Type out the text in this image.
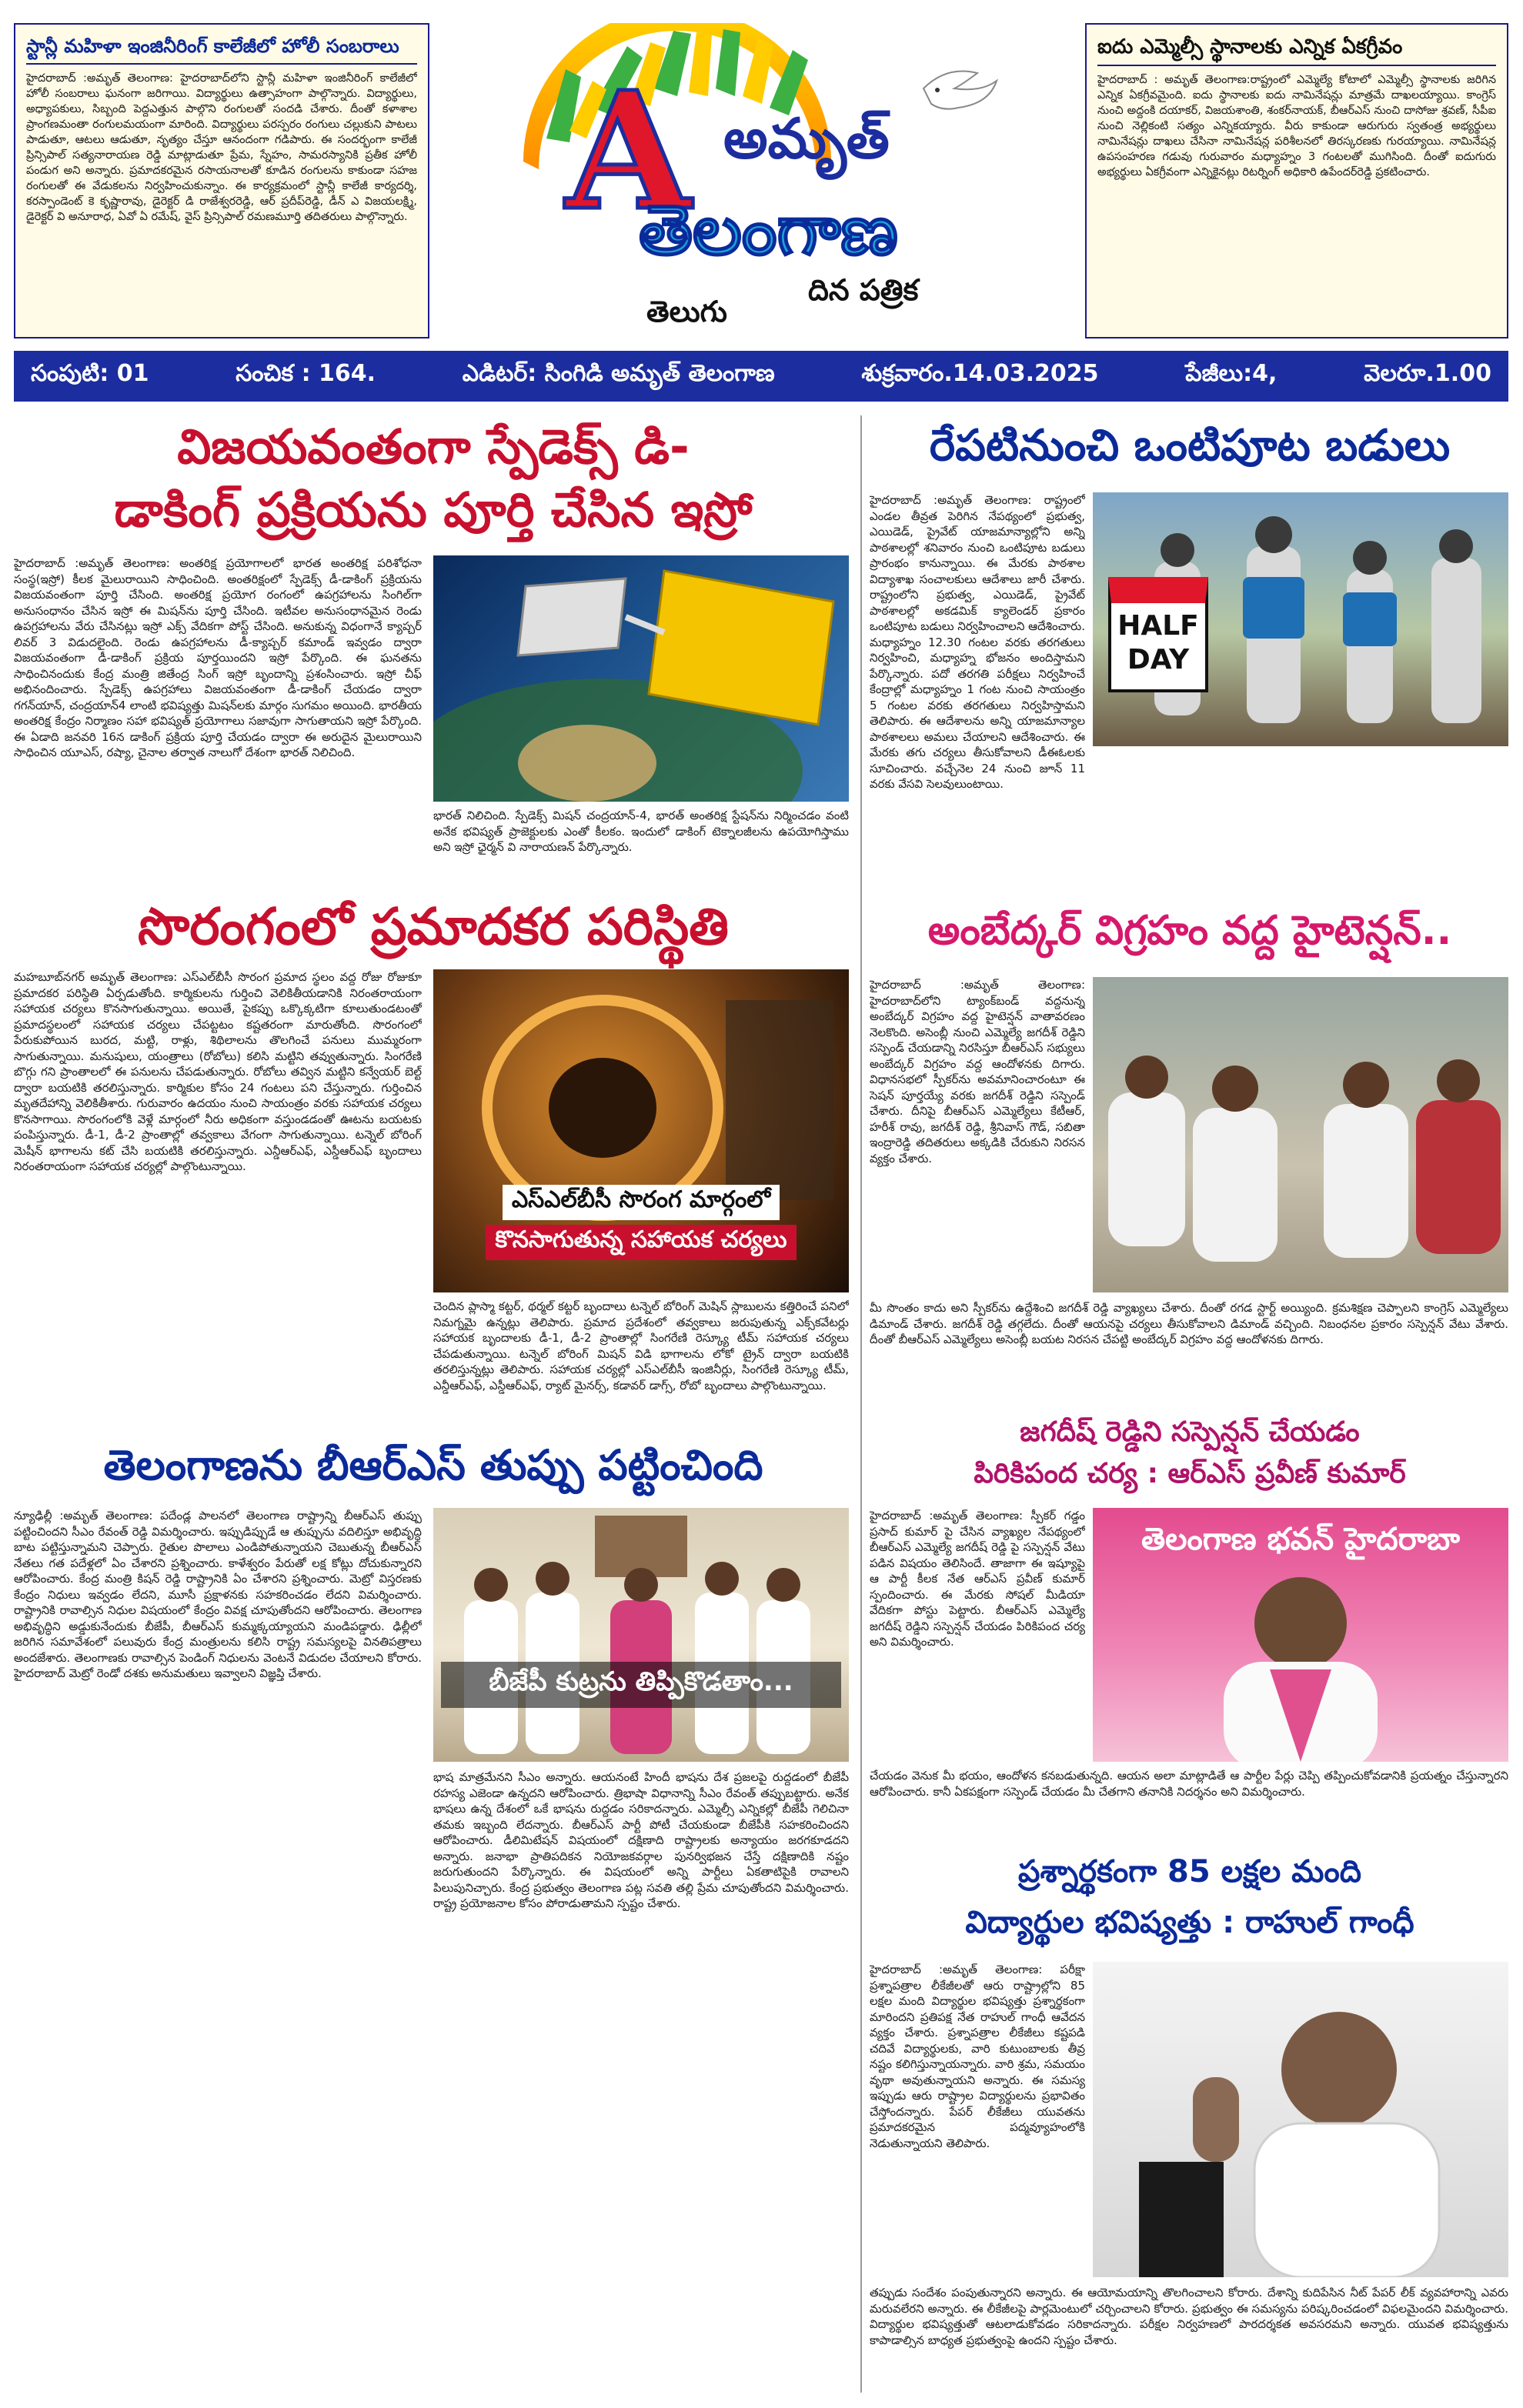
స్టాన్లీ మహిళా ఇంజినీరింగ్ కాలేజీలో హోలీ సంబరాలు
హైదరాబాద్ :అమృత్ తెలంగాణ: హైదరాబాద్‌లోని స్టాన్లీ మహిళా ఇంజినీరింగ్ కాలేజీలో హోలీ సంబరాలు ఘనంగా జరిగాయి. విద్యార్థులు ఉత్సాహంగా పాల్గొన్నారు. విద్యార్థులు, అధ్యాపకులు, సిబ్బంది పెద్దఎత్తున పాల్గొని రంగులతో సందడి చేశారు. దీంతో కళాశాల ప్రాంగణమంతా రంగులమయంగా మారింది. విద్యార్థులు పరస్పరం రంగులు చల్లుకుని పాటలు పాడుతూ, ఆటలు ఆడుతూ, నృత్యం చేస్తూ ఆనందంగా గడిపారు. ఈ సందర్భంగా కాలేజీ ప్రిన్సిపాల్ సత్యనారాయణ రెడ్డి మాట్లాడుతూ ప్రేమ, స్నేహం, సామరస్యానికి ప్రతీక హోలీ పండుగ అని అన్నారు. ప్రమాదకరమైన రసాయనాలతో కూడిన రంగులను కాకుండా సహజ రంగులతో ఈ వేడుకలను నిర్వహించుకున్నాం. ఈ కార్యక్రమంలో స్టాన్లీ కాలేజీ కార్యదర్శి, కరస్పాండెంట్ కె కృష్ణారావు, డైరెక్టర్ డి రాజేశ్వరరెడ్డి, ఆర్ ప్రదీప్‌రెడ్డి, డీన్ ఎ విజయలక్ష్మి, డైరెక్టర్ వి అనూరాధ, ఏవో ఏ రమేష్, వైస్ ప్రిన్సిపాల్ రమణమూర్తి తదితరులు పాల్గొన్నారు. A అమృత్
తెలంగాణ
తెలుగు
దిన పత్రిక
ఐదు ఎమ్మెల్సీ స్థానాలకు ఎన్నిక ఏకగ్రీవం
హైదరాబాద్ : అమృత్ తెలంగాణ:రాష్ట్రంలో ఎమ్మెల్యే కోటాలో ఎమ్మెల్సీ స్థానాలకు జరిగిన ఎన్నిక ఏకగ్రీవమైంది. ఐదు స్థానాలకు ఐదు నామినేషన్లు మాత్రమే దాఖలయ్యాయి. కాంగ్రెస్ నుంచి అద్దంకి దయాకర్, విజయశాంతి, శంకర్‌నాయక్, బీఆర్ఎస్ నుంచి దాసోజు శ్రవణ్, సీపీఐ నుంచి నెల్లికంటి సత్యం ఎన్నికయ్యారు. వీరు కాకుండా ఆరుగురు స్వతంత్ర అభ్యర్థులు నామినేషన్లు దాఖలు చేసినా నామినేషన్ల పరిశీలనలో తిరస్కరణకు గురయ్యాయి. నామినేషన్ల ఉపసంహరణ గడువు గురువారం మధ్యాహ్నం 3 గంటలతో ముగిసింది. దీంతో ఐదుగురు అభ్యర్థులు ఏకగ్రీవంగా ఎన్నికైనట్లు రిటర్నింగ్ అధికారి ఉపేందర్‌రెడ్డి ప్రకటించారు.
సంపుటి: 01	సంచిక : 164.	ఎడిటర్: సింగిడి అమృత్ తెలంగాణ	శుక్రవారం.14.03.2025	పేజీలు:4,	వెలరూ.1.00
విజయవంతంగా స్పేడెక్స్ డి-
డాకింగ్ ప్రక్రియను పూర్తి చేసిన ఇస్రో
హైదరాబాద్ :అమృత్ తెలంగాణ: అంతరిక్ష ప్రయోగాలలో భారత అంతరిక్ష పరిశోధనా సంస్థ(ఇస్రో) కీలక మైలురాయిని సాధించింది. అంతరిక్షంలో స్పేడెక్స్ డీ-డాకింగ్ ప్రక్రియను విజయవంతంగా పూర్తి చేసింది. అంతరిక్ష ప్రయోగ రంగంలో ఉపగ్రహాలను సింగిల్‌గా అనుసంధానం చేసిన ఇస్రో ఈ మిషన్‌ను పూర్తి చేసింది. ఇటీవల అనుసంధానమైన రెండు ఉపగ్రహాలను వేరు చేసినట్లు ఇస్రో ఎక్స్ వేదికగా పోస్ట్ చేసింది. అనుకున్న విధంగానే క్యాప్చర్ లివర్ 3 విడుదలైంది. రెండు ఉపగ్రహాలను డీ-క్యాప్చర్ కమాండ్ ఇవ్వడం ద్వారా విజయవంతంగా డీ-డాకింగ్ ప్రక్రియ పూర్తయిందని ఇస్రో పేర్కొంది. ఈ ఘనతను సాధించినందుకు కేంద్ర మంత్రి జితేంద్ర సింగ్ ఇస్రో బృందాన్ని ప్రశంసించారు. ఇస్రో చీఫ్ అభినందించారు. స్పేడెక్స్ ఉపగ్రహాలు విజయవంతంగా డీ-డాకింగ్ చేయడం ద్వారా గగన్‌యాన్, చంద్రయాన్4 లాంటి భవిష్యత్తు మిషన్‌లకు మార్గం సుగమం అయింది. భారతీయ అంతరిక్ష కేంద్రం నిర్మాణం సహా భవిష్యత్ ప్రయోగాలు సజావుగా సాగుతాయని ఇస్రో పేర్కొంది. ఈ ఏడాది జనవరి 16న డాకింగ్ ప్రక్రియ పూర్తి చేయడం ద్వారా ఈ అరుదైన మైలురాయిని సాధించిన యూఎస్, రష్యా, చైనాల తర్వాత నాలుగో దేశంగా భారత్ నిలిచింది.
భారత్ నిలిచింది. స్పేడెక్స్ మిషన్ చంద్రయాన్-4, భారత్ అంతరిక్ష స్టేషన్‌ను నిర్మించడం వంటి అనేక భవిష్యత్ ప్రాజెక్టులకు ఎంతో కీలకం. ఇందులో డాకింగ్ టెక్నాలజీలను ఉపయోగిస్తాము అని ఇస్రో ఛైర్మన్ వి నారాయణన్ పేర్కొన్నారు.
రేపటినుంచి ఒంటిపూట బడులు
HALF
DAY
హైదరాబాద్ :అమృత్ తెలంగాణ: రాష్ట్రంలో ఎండల తీవ్రత పెరిగిన నేపథ్యంలో ప్రభుత్వ, ఎయిడెడ్, ప్రైవేట్ యాజమాన్యాల్లోని అన్ని పాఠశాలల్లో శనివారం నుంచి ఒంటిపూట బడులు ప్రారంభం కానున్నాయి. ఈ మేరకు పాఠశాల విద్యాశాఖ సంచాలకులు ఆదేశాలు జారీ చేశారు. రాష్ట్రంలోని ప్రభుత్వ, ఎయిడెడ్, ప్రైవేట్ పాఠశాలల్లో అకడమిక్ క్యాలెండర్ ప్రకారం ఒంటిపూట బడులు నిర్వహించాలని ఆదేశించారు. మధ్యాహ్నం 12.30 గంటల వరకు తరగతులు నిర్వహించి, మధ్యాహ్న భోజనం అందిస్తామని పేర్కొన్నారు. పదో తరగతి పరీక్షలు నిర్వహించే కేంద్రాల్లో మధ్యాహ్నం 1 గంట నుంచి సాయంత్రం 5 గంటల వరకు తరగతులు నిర్వహిస్తామని తెలిపారు. ఈ ఆదేశాలను అన్ని యాజమాన్యాల పాఠశాలలు అమలు చేయాలని ఆదేశించారు. ఈ మేరకు తగు చర్యలు తీసుకోవాలని డీఈఓలకు సూచించారు. వచ్చేనెల 24 నుంచి జూన్ 11 వరకు వేసవి సెలవులుంటాయి.
సొరంగంలో ప్రమాదకర పరిస్థితి
మహబూబ్‌నగర్ అమృత్ తెలంగాణ: ఎస్ఎల్‌బీసీ సొరంగ ప్రమాద స్థలం వద్ద రోజు రోజుకూ ప్రమాదకర పరిస్థితి ఏర్పడుతోంది. కార్మికులను గుర్తించి వెలికితీయడానికి నిరంతరాయంగా సహాయక చర్యలు కొనసాగుతున్నాయి. అయితే, పైకప్పు ఒక్కొక్కటిగా కూలుతుండటంతో ప్రమాదస్థలంలో సహాయక చర్యలు చేపట్టటం కష్టతరంగా మారుతోంది. సొరంగంలో పేరుకుపోయిన బురద, మట్టి, రాళ్లు, శిథిలాలను తొలగించే పనులు ముమ్మరంగా సాగుతున్నాయి. మనుషులు, యంత్రాలు (రోబోలు) కలిసి మట్టిని తవ్వుతున్నారు. సింగరేణి బొగ్గు గని ప్రాంతాలలో ఈ పనులను చేపడుతున్నారు. రోబోలు తవ్విన మట్టిని కన్వేయర్ బెల్ట్ ద్వారా బయటికి తరలిస్తున్నారు. కార్మికుల కోసం 24 గంటలు పని చేస్తున్నారు. గుర్తించిన మృతదేహాన్ని వెలికితీశారు. గురువారం ఉదయం నుంచి సాయంత్రం వరకు సహాయక చర్యలు కొనసాగాయి. సొరంగంలోకి వెళ్లే మార్గంలో నీరు అధికంగా వస్తుండడంతో ఊటను బయటకు పంపిస్తున్నారు. డీ-1, డీ-2 ప్రాంతాల్లో తవ్వకాలు వేగంగా సాగుతున్నాయి. టన్నెల్ బోరింగ్ మెషీన్ భాగాలను కట్ చేసి బయటికి తరలిస్తున్నారు. ఎన్డీఆర్ఎఫ్, ఎస్డీఆర్ఎఫ్ బృందాలు నిరంతరాయంగా సహాయక చర్యల్లో పాల్గొంటున్నాయి.
ఎస్ఎల్‌బీసీ సొరంగ మార్గంలో కొనసాగుతున్న సహాయక చర్యలు
చెందిన ప్లాస్మా కట్టర్, థర్మల్ కట్టర్ బృందాలు టన్నెల్ బోరింగ్ మెషిన్ స్లాబులను కత్తిరించే పనిలో నిమగ్నమై ఉన్నట్లు తెలిపారు. ప్రమాద ప్రదేశంలో తవ్వకాలు జరుపుతున్న ఎక్స్‌కవేటర్లు సహాయక బృందాలకు డీ-1, డీ-2 ప్రాంతాల్లో సింగరేణి రెస్క్యూ టీమ్ సహాయక చర్యలు చేపడుతున్నాయి. టన్నెల్ బోరింగ్ మిషన్ విడి భాగాలను లోకో ట్రైన్ ద్వారా బయటికి తరలిస్తున్నట్లు తెలిపారు. సహాయక చర్యల్లో ఎస్ఎల్‌బీసీ ఇంజినీర్లు, సింగరేణి రెస్క్యూ టీమ్, ఎన్డీఆర్ఎఫ్, ఎస్డీఆర్ఎఫ్, ర్యాట్ మైనర్స్, కడావర్ డాగ్స్, రోబో బృందాలు పాల్గొంటున్నాయి.
అంబేద్కర్ విగ్రహం వద్ద హైటెన్షన్..
హైదరాబాద్ :అమృత్ తెలంగాణ: హైదరాబాద్‌లోని ట్యాంక్‌బండ్ వద్దనున్న అంబేద్కర్ విగ్రహం వద్ద హైటెన్షన్ వాతావరణం నెలకొంది. అసెంబ్లీ నుంచి ఎమ్మెల్యే జగదీశ్ రెడ్డిని సస్పెండ్ చేయడాన్ని నిరసిస్తూ బీఆర్ఎస్ సభ్యులు అంబేద్కర్ విగ్రహం వద్ద ఆందోళనకు దిగారు. విధానసభలో స్పీకర్‌ను అవమానించారంటూ ఈ సెషన్ పూర్తయ్యే వరకు జగదీశ్ రెడ్డిని సస్పెండ్ చేశారు. దీనిపై బీఆర్ఎస్ ఎమ్మెల్యేలు కేటీఆర్, హరీశ్ రావు, జగదీశ్ రెడ్డి, శ్రీనివాస్ గౌడ్, సబితా ఇంద్రారెడ్డి తదితరులు అక్కడికి చేరుకుని నిరసన వ్యక్తం చేశారు.
మీ సొంతం కాదు అని స్పీకర్‌ను ఉద్దేశించి జగదీశ్ రెడ్డి వ్యాఖ్యలు చేశారు. దీంతో రగడ స్టార్ట్ అయ్యింది. క్రమశిక్షణ చెప్పాలని కాంగ్రెస్ ఎమ్మెల్యేలు డిమాండ్ చేశారు. జగదీశ్ రెడ్డి తగ్గలేదు. దీంతో ఆయనపై చర్యలు తీసుకోవాలని డిమాండ్ వచ్చింది. నిబంధనల ప్రకారం సస్పెన్షన్ వేటు వేశారు. దీంతో బీఆర్ఎస్ ఎమ్మెల్యేలు అసెంబ్లీ బయట నిరసన చేపట్టి అంబేద్కర్ విగ్రహం వద్ద ఆందోళనకు దిగారు.
జగదీష్ రెడ్డిని సస్పెన్షన్ చేయడం
పిరికిపంద చర్య : ఆర్ఎస్ ప్రవీణ్ కుమార్
హైదరాబాద్ :అమృత్ తెలంగాణ: స్పీకర్ గడ్డం ప్రసాద్ కుమార్ పై చేసిన వ్యాఖ్యల నేపథ్యంలో బీఆర్ఎస్ ఎమ్మెల్యే జగదీష్ రెడ్డి పై సస్పెన్షన్ వేటు పడిన విషయం తెలిసిందే. తాజాగా ఈ ఇష్యూపై ఆ పార్టీ కీలక నేత ఆర్ఎస్ ప్రవీణ్ కుమార్ స్పందించారు. ఈ మేరకు సోషల్ మీడియా వేదికగా పోస్టు పెట్టారు. బీఆర్ఎస్ ఎమ్మెల్యే జగదీష్ రెడ్డిని సస్పెన్షన్ చేయడం పిరికిపంద చర్య అని విమర్శించారు.
తెలంగాణ భవన్ హైదరాబా
చేయడం వెనుక మీ భయం, ఆందోళన కనబడుతున్నది. ఆయన అలా మాట్లాడితే ఆ పార్టీల పేర్లు చెప్పి తప్పించుకోవడానికి ప్రయత్నం చేస్తున్నారని ఆరోపించారు. కానీ ఏకపక్షంగా సస్పెండ్ చేయడం మీ చేతగాని తనానికి నిదర్శనం అని విమర్శించారు.
తెలంగాణను బీఆర్ఎస్ తుప్పు పట్టించింది
న్యూఢిల్లీ :అమృత్ తెలంగాణ: పదేండ్ల పాలనలో తెలంగాణ రాష్ట్రాన్ని బీఆర్ఎస్ తుప్పు పట్టించిందని సీఎం రేవంత్ రెడ్డి విమర్శించారు. ఇప్పుడిప్పుడే ఆ తుప్పును వదిలిస్తూ అభివృద్ధి బాట పట్టిస్తున్నామని చెప్పారు. రైతుల పొలాలు ఎండిపోతున్నాయని చెబుతున్న బీఆర్ఎస్ నేతలు గత పదేళ్లలో ఏం చేశారని ప్రశ్నించారు. కాళేశ్వరం పేరుతో లక్ష కోట్లు దోచుకున్నారని ఆరోపించారు. కేంద్ర మంత్రి కిషన్ రెడ్డి రాష్ట్రానికి ఏం చేశారని ప్రశ్నించారు. మెట్రో విస్తరణకు కేంద్రం నిధులు ఇవ్వడం లేదని, మూసీ ప్రక్షాళనకు సహకరించడం లేదని విమర్శించారు. రాష్ట్రానికి రావాల్సిన నిధుల విషయంలో కేంద్రం వివక్ష చూపుతోందని ఆరోపించారు. తెలంగాణ అభివృద్ధిని అడ్డుకునేందుకు బీజేపీ, బీఆర్ఎస్ కుమ్మక్కయ్యాయని మండిపడ్డారు. ఢిల్లీలో జరిగిన సమావేశంలో పలువురు కేంద్ర మంత్రులను కలిసి రాష్ట్ర సమస్యలపై వినతిపత్రాలు అందజేశారు. తెలంగాణకు రావాల్సిన పెండింగ్ నిధులను వెంటనే విడుదల చేయాలని కోరారు. హైదరాబాద్ మెట్రో రెండో దశకు అనుమతులు ఇవ్వాలని విజ్ఞప్తి చేశారు.	బీజేపీ కుట్రను తిప్పికొడతాం...
భాష మాత్రమేనని సీఎం అన్నారు. ఆయనంటే హిందీ భాషను దేశ ప్రజలపై రుద్దడంలో బీజేపీ రహస్య ఎజెండా ఉన్నదని ఆరోపించారు. త్రిభాషా విధానాన్ని సీఎం రేవంత్ తప్పుబట్టారు. అనేక భాషలు ఉన్న దేశంలో ఒకే భాషను రుద్దడం సరికాదన్నారు. ఎమ్మెల్సీ ఎన్నికల్లో బీజేపీ గెలిచినా తమకు ఇబ్బంది లేదన్నారు. బీఆర్ఎస్ పార్టీ పోటీ చేయకుండా బీజేపీకి సహకరించిందని ఆరోపించారు. డీలిమిటేషన్ విషయంలో దక్షిణాది రాష్ట్రాలకు అన్యాయం జరగకూడదని అన్నారు. జనాభా ప్రాతిపదికన నియోజకవర్గాల పునర్విభజన చేస్తే దక్షిణాదికి నష్టం జరుగుతుందని పేర్కొన్నారు. ఈ విషయంలో అన్ని పార్టీలు ఏకతాటిపైకి రావాలని పిలుపునిచ్చారు. కేంద్ర ప్రభుత్వం తెలంగాణ పట్ల సవతి తల్లి ప్రేమ చూపుతోందని విమర్శించారు. రాష్ట్ర ప్రయోజనాల కోసం పోరాడుతామని స్పష్టం చేశారు.
ప్రశ్నార్థకంగా 85 లక్షల మంది
విద్యార్థుల భవిష్యత్తు : రాహుల్ గాంధీ
హైదరాబాద్ :అమృత్ తెలంగాణ: పరీక్షా ప్రశ్నాపత్రాల లీకేజీలతో ఆరు రాష్ట్రాల్లోని 85 లక్షల మంది విద్యార్థుల భవిష్యత్తు ప్రశ్నార్థకంగా మారిందని ప్రతిపక్ష నేత రాహుల్ గాంధీ ఆవేదన వ్యక్తం చేశారు. ప్రశ్నాపత్రాల లీకేజీలు కష్టపడి చదివే విద్యార్థులకు, వారి కుటుంబాలకు తీవ్ర నష్టం కలిగిస్తున్నాయన్నారు. వారి శ్రమ, సమయం వృథా అవుతున్నాయని అన్నారు. ఈ సమస్య ఇప్పుడు ఆరు రాష్ట్రాల విద్యార్థులను ప్రభావితం చేస్తోందన్నారు. పేపర్ లీకేజీలు యువతను ప్రమాదకరమైన పద్మవ్యూహంలోకి నెడుతున్నాయని తెలిపారు.
తప్పుడు సందేశం పంపుతున్నారని అన్నారు. ఈ ఆయోమయాన్ని తొలగించాలని కోరారు. దేశాన్ని కుదిపేసిన నీట్ పేపర్ లీక్ వ్యవహారాన్ని ఎవరు మరువలేరని అన్నారు. ఈ లీకేజీలపై పార్లమెంటులో చర్చించాలని కోరారు. ప్రభుత్వం ఈ సమస్యను పరిష్కరించడంలో విఫలమైందని విమర్శించారు. విద్యార్థుల భవిష్యత్తుతో ఆటలాడుకోవడం సరికాదన్నారు. పరీక్షల నిర్వహణలో పారదర్శకత అవసరమని అన్నారు. యువత భవిష్యత్తును కాపాడాల్సిన బాధ్యత ప్రభుత్వంపై ఉందని స్పష్టం చేశారు.
